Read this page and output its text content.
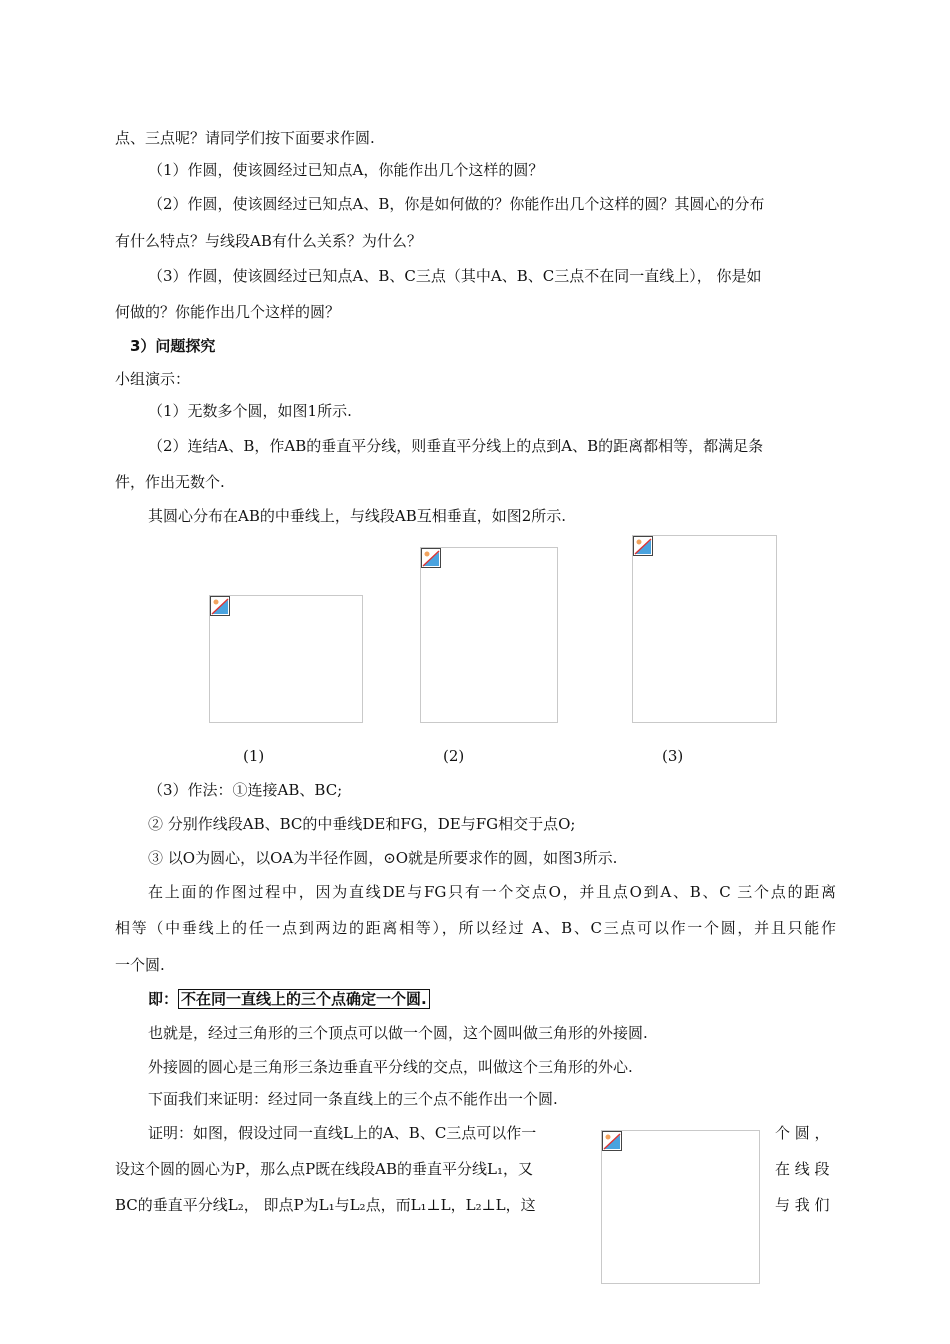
点、三点呢？请同学们按下面要求作圆.
（1）作圆，使该圆经过已知点A，你能作出几个这样的圆？
（2）作圆，使该圆经过已知点A、B，你是如何做的？你能作出几个这样的圆？其圆心的分布
有什么特点？与线段AB有什么关系？为什么？
（3）作圆，使该圆经过已知点A、B、C三点（其中A、B、C三点不在同一直线上）， 你是如
何做的？你能作出几个这样的圆？
3）问题探究
小组演示：
（1）无数多个圆，如图1所示.
（2）连结A、B，作AB的垂直平分线，则垂直平分线上的点到A、B的距离都相等，都满足条
件，作出无数个.
其圆心分布在AB的中垂线上，与线段AB互相垂直，如图2所示.
(1)	(2)	(3)
（3）作法：①连接AB、BC;
② 分别作线段AB、BC的中垂线DE和FG，DE与FG相交于点O;
③ 以O为圆心，以OA为半径作圆，⊙O就是所要求作的圆，如图3所示.
在上面的作图过程中，因为直线DE与FG只有一个交点O，并且点O到A、B、C 三个点的距离
相等（中垂线上的任一点到两边的距离相等），所以经过 A、B、C三点可以作一个圆，并且只能作
一个圆.
即： 不在同一直线上的三个点确定一个圆.
也就是，经过三角形的三个顶点可以做一个圆，这个圆叫做三角形的外接圆.
外接圆的圆心是三角形三条边垂直平分线的交点，叫做这个三角形的外心.
下面我们来证明：经过同一条直线上的三个点不能作出一个圆.
证明：如图，假设过同一直线L上的A、B、C三点可以作一
设这个圆的圆心为P，那么点P既在线段AB的垂直平分线L₁，又
BC的垂直平分线L₂， 即点P为L₁与L₂点，而L₁⊥L，L₂⊥L，这
个 圆 ，
在 线 段
与 我 们
